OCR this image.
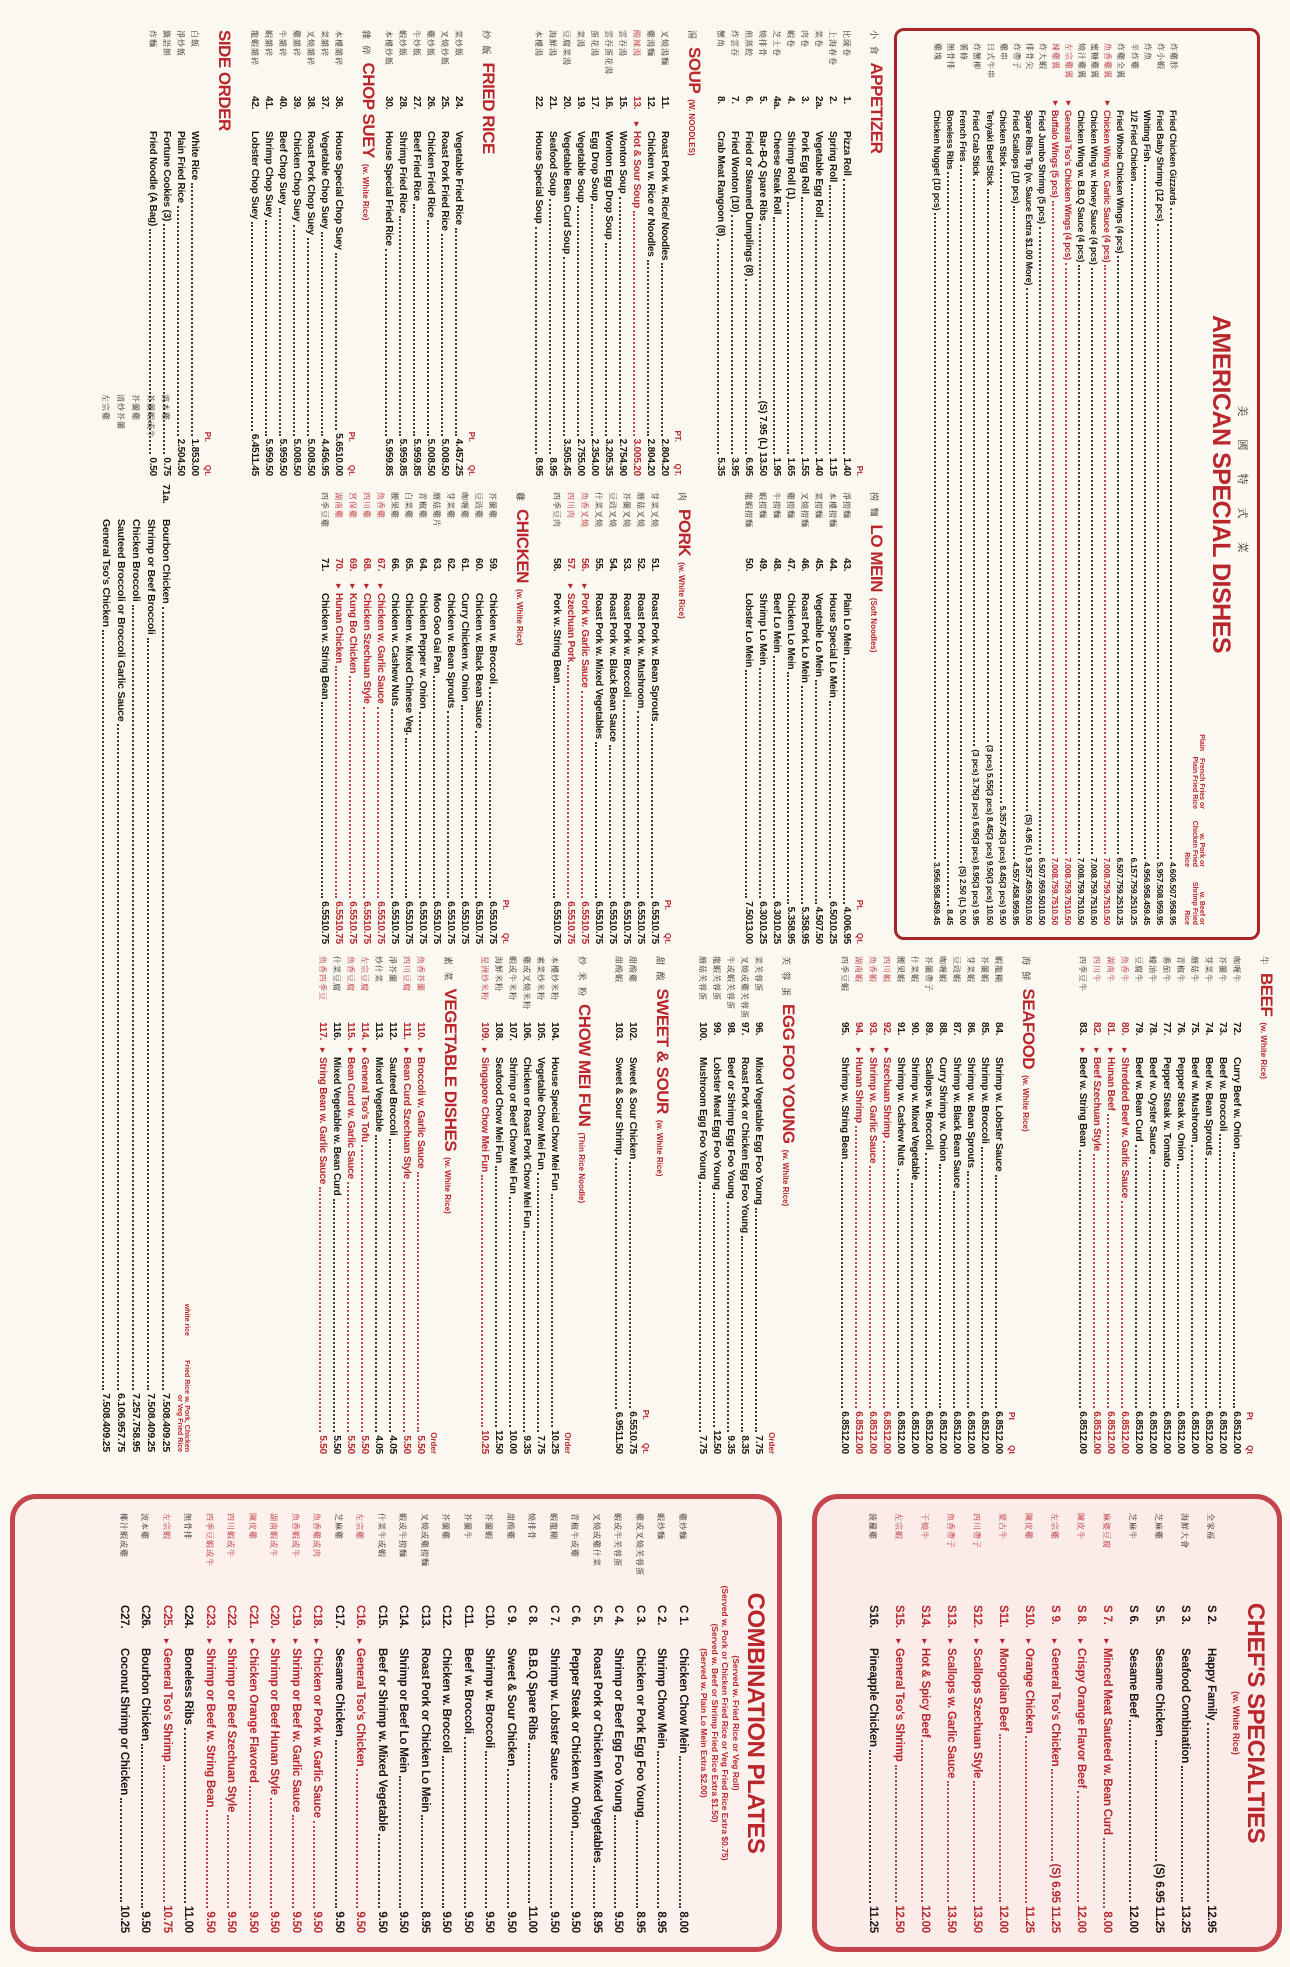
美 國 特 式 菜
AMERICAN SPECIAL DISHES
Plain
French Fries or Plain Fried Rice
w. Pork or Chicken Fried Rice
w. Beef or Shrimp Fried Rice
炸雞胗
Fried Chicken Gizzards
4.606.507.958.95
炸小蝦
Fried Baby Shrimp (12 pcs)
5.957.508.959.95
炸魚
Whiting Fish
4.956.958.459.45
半炸雞
1/2 Fried Chicken
6.157.759.2510.25
炸雞全翼
Fried Whole Chicken Wings (4 pcs)
6.507.759.2510.25
魚香雞翼
▸
Chicken Wing w. Garlic Sauce (4 pcs)
7.008.759.7510.50
蜜糖雞翼
Chicken Wing w. Honey Sauce (4 pcs)
7.008.759.7510.50
燒汁雞翼
Chicken Wing w. B.B.Q Sauce (4 pcs)
7.008.759.7510.50
左宗雞翼
▸
General Tso's Chicken Wings (4 pcs)
7.008.759.7510.50
辣雞翼
▸
Buffalo Wings (5 pcs)
7.008.759.7510.50
炸大蝦
Fried Jumbo Shrimp (5 pcs)
6.507.959.5010.50
排骨尖
Spare Ribs Tip (w. Sauce Extra $1.00 More)
(S) 4.95 (L) 9.357.459.5010.50
炸帶子
Fried Scallops (10 pcs)
4.557.458.959.95
雞串
Chicken Stick
5.357.45(3 pcs) 8.45(3 pcs) 9.50
日式牛串
Teriyaki Beef Stick
(3 pcs) 5.55(3 pcs) 8.45(3 pcs) 9.50(3 pcs) 10.50
炸蟹柳
Fried Crab Stick
(3 pcs) 3.75(3 pcs) 6.95(3 pcs) 8.95(3 pcs) 9.95
薯條
French Fries
(S) 2.50 (L) 5.00
無骨排
Boneless Ribs
8.45
雞塊
Chicken Nugget (10 pcs)
3.956.958.459.45
小 食
APPETIZER
Pt.
比薩卷
1.
Pizza Roll
1.40
上海春卷
2.
Spring Roll
1.15
菜卷
2a.
Vegetable Egg Roll
1.40
肉卷
3.
Pork Egg Roll
1.55
蝦卷
4.
Shrimp Roll (1)
1.65
芝士卷
4a.
Cheese Steak Roll
1.95
燒排骨
5.
Bar-B-Q Spare Ribs
(S) 7.95 (L) 13.50
煎蒸餃
6.
Fried or Steamed Dumplings (8)
6.95
炸雲吞
7.
Fried Wonton (10)
3.95
蟹角
8.
Crab Meat Rangoon (8)
5.35
湯
SOUP
(W. NOODLES)
PT.
QT.
叉燒湯麵
11.
Roast Pork w. Rice/ Noodles
2.804.20
雞湯麵
12.
Chicken w. Rice or Noodles
2.804.20
酸辣湯
13.
▸
Hot & Sour Soup
3.005.20
雲吞湯
15.
Wonton Soup
2.754.90
雲吞蛋花湯
16.
Wonton Egg Drop Soup
3.205.35
蛋花湯
17.
Egg Drop Soup
2.354.00
菜湯
19.
Vegetable Soup
2.755.00
豆腐菜湯
20.
Vegetable Bean Curd Soup
3.505.45
海鮮湯
21.
Seafood Soup
8.95
本樓湯
22.
House Special Soup
8.95
炒 飯
FRIED RICE
Pt.
Qt.
菜炒飯
24.
Vegetable Fried Rice
4.457.25
叉燒炒飯
25.
Roast Pork Fried Rice
5.008.50
雞炒飯
26.
Chicken Fried Rice
5.008.50
牛炒飯
27.
Beef Fried Rice
5.959.85
蝦炒飯
28.
Shrimp Fried Rice
5.959.85
本樓炒飯
30.
House Special Fried Rice
5.959.85
雜 碎
CHOP SUEY
(w. White Rice)
Pt.
Qt.
本樓雜碎
36.
House Special Chop Suey
5.6510.00
菜雜碎
37.
Vegetable Chop Suey
4.456.95
叉燒雜碎
38.
Roast Pork Chop Suey
5.008.50
雞雜碎
39.
Chicken Chop Suey
5.008.50
牛雜碎
40.
Beef Chop Suey
5.959.50
蝦雜碎
41.
Shrimp Chop Suey
5.959.50
龍蝦雜碎
42.
Lobster Chop Suey
6.4511.45
SIDE ORDER
Pt.
Qt.
白飯
White Rice
1.853.00
淨炒飯
Plain Fried Rice
2.504.50
籤語餅
Fortune Cookies (3)
0.75
炸麵
Fried Noodle (A Bag)
0.50
撈 麵
LO MEIN
(Soft Noodles)
Pt.
Qt.
淨撈麵
43.
Plain Lo Mein
4.006.95
本樓撈麵
44.
House Special Lo Mein
6.5010.25
菜撈麵
45.
Vegetable Lo Mein
4.507.50
叉燒撈麵
46.
Roast Pork Lo Mein
5.358.95
雞撈麵
47.
Chicken Lo Mein
5.358.95
牛撈麵
48.
Beef Lo Mein
6.3010.25
蝦撈麵
49.
Shrimp Lo Mein
6.3010.25
龍蝦撈麵
50.
Lobster Lo Mein
7.5013.00
肉
PORK
(w. White Rice)
Pt.
Qt.
芽菜叉燒
51.
Roast Pork w. Bean Sprouts
6.5510.75
蘑菇叉燒
52.
Roast Pork w. Mushroom
6.5510.75
芥蘭叉燒
53.
Roast Pork w. Broccoli
6.5510.75
豆豉叉燒
54.
Roast Pork w. Black Bean Sauce
6.5510.75
什菜叉燒
55.
Roast Pork w. Mixed Vegetables
6.5510.75
魚香叉燒
56.
▸
Pork w. Garlic Sauce
6.5510.75
四川肉
57.
▸
Szechuan Pork
6.5510.75
四季豆肉
58.
Pork w. String Bean
6.5510.75
雞
CHICKEN
(w. White Rice)
Pt.
Qt.
芥蘭雞
59.
Chicken w. Broccoli
6.5510.75
豆豉雞
60.
Chicken w. Black Bean Sauce
6.5510.75
咖喱雞
61.
Curry Chicken w. Onion
6.5510.75
芽菜雞
62.
Chicken w. Bean Sprouts
6.5510.75
蘑菇雞片
63.
Moo Goo Gai Pan
6.5510.75
青椒雞
64.
Chicken Pepper w. Onion
6.5510.75
白菜雞
65.
Chicken w. Mixed Chinese Veg.
6.5510.75
腰果雞
66.
Chicken w. Cashew Nuts
6.5510.75
魚香雞
67.
▸
Chicken w. Garlic Sauce
6.5510.75
四川雞
68.
▸
Chicken Szechuan Style
6.5510.75
宮保雞
69.
▸
Kung Bo Chicken
6.5510.75
湖南雞
70.
▸
Hunan Chicken
6.5510.75
四季豆雞
71.
Chicken w. String Bean
6.5510.75
牛
BEEF
(w. White Rice)
Pt
Qt
咖喱牛
72.
Curry Beef w. Onion
6.8512.00
芥蘭牛
73.
Beef w. Broccoli
6.8512.00
芽菜牛
74.
Beef w. Bean Sprouts
6.8512.00
蘑菇牛
75.
Beef w. Mushroom
6.8512.00
青椒牛
76.
Pepper Steak w. Onion
6.8512.00
番茄牛
77.
Pepper Steak w. Tomato
6.8512.00
蠔油牛
78.
Beef w. Oyster Sauce
6.8512.00
豆腐牛
79.
Beef w. Bean Curd
6.8512.00
魚香牛
80.
▸
Shredded Beef w. Garlic Sauce
6.8512.00
湖南牛
81.
▸
Hunan Beef
6.8512.00
四川牛
82.
▸
Beef Szechuan Style
6.8512.00
四季豆牛
83.
▸
Beef w. String Bean
6.8512.00
海 鮮
SEAFOOD
(w. White Rice)
Pt
Qt
蝦龍糊
84.
Shrimp w. Lobster Sauce
6.8512.00
芥蘭蝦
85.
Shrimp w. Broccoli
6.8512.00
芽菜蝦
86.
Shrimp w. Bean Sprouts
6.8512.00
豆豉蝦
87.
Shrimp w. Black Bean Sauce
6.8512.00
咖喱蝦
88.
Curry Shrimp w. Onion
6.8512.00
芥蘭帶子
89.
Scallops w. Broccoli
6.8512.00
什菜蝦
90.
Shrimp w. Mixed Vegetable
6.8512.00
腰果蝦
91.
Shrimp w. Cashew Nuts
6.8512.00
四川蝦
92.
▸
Szechuan Shrimp
6.8512.00
魚香蝦
93.
▸
Shrimp w. Garlic Sauce
6.8512.00
湖南蝦
94.
▸
Hunan Shrimp
6.8512.00
四季豆蝦
95.
Shrimp w. String Bean
6.8512.00
芙 蓉 蛋
EGG FOO YOUNG
(w. White Rice)
Order
菜芙蓉蛋
96.
Mixed Vegetable Egg Foo Young
7.75
叉燒或雞芙蓉蛋
97.
Roast Pork or Chicken Egg Foo Young
8.35
牛或蝦芙蓉蛋
98.
Beef or Shrimp Egg Foo Young
9.35
龍蝦芙蓉蛋
99.
Lobster Meat Egg Foo Young
12.50
蘑菇芙蓉蛋
100.
Mushroom Egg Foo Young
7.75
甜 酸
SWEET & SOUR
(w. White Rice)
Pt.
Qt.
甜酸雞
102.
Sweet & Sour Chicken
6.5510.75
甜酸蝦
103.
Sweet & Sour Shrimp
6.9511.50
炒 米 粉
CHOW MEI FUN
(Thin Rice Noodle)
Order
本樓炒米粉
104.
House Special Chow Mei Fun
10.25
素菜炒米粉
105.
Vegetable Chow Mei Fun
7.75
雞或叉燒米粉
106.
Chicken or Roast Pork Chow Mei Fun
9.35
蝦或牛米粉
107.
Shrimp or Beef Chow Mei Fun
10.00
海鮮米粉
108.
Seafood Chow Mei Fun
12.50
星洲炒米粉
109.
▸
Singapore Chow Mei Fun
10.25
素 菜
VEGETABLE DISHES
(w. White Rice)
Order
魚香芥蘭
110.
▸
Broccoli w. Garlic Sauce
5.50
四川豆腐
111.
▸
Bean Curd Szechuan Style
5.50
淨芥蘭
112.
Sauteed Broccoli
4.05
炒什菜
113.
Mixed Vegetable
4.05
左宗豆腐
114.
▸
General Tso's Tofu
5.50
魚香豆腐
115.
▸
Bean Curd w. Garlic Sauce
5.50
什菜豆腐
116.
Mixed Vegetable w. Bean Curd
5.50
魚香四季豆
117.
▸
String Bean w. Garlic Sauce
5.50
white rice
Fried Rice
w. Pork, Chicken or Veg Fried Rice
波本雞
71a.
Bourbon Chicken
7.508.409.25
芥蘭蝦或牛
Shrimp or Beef Broccoli
7.508.409.25
芥蘭雞
Chicken Broccoli
7.257.758.95
清炒芥蘭
Sauteed Broccoli or Broccoli Garlic Sauce
6.106.957.75
左宗雞
General Tso's Chicken
7.508.409.25
CHEF'S SPECIALTIES
(w. White Rice)
全家福
S 2.
Happy Family
12.95
海鮮大會
S 3.
Seafood Combination
13.25
芝麻雞
S 5.
Sesame Chicken
(S) 6.95 11.25
芝麻牛
S 6.
Sesame Beef
12.00
麻婆豆腐
S 7.
▸
Minced Meat Sauteed w. Bean Curd
8.00
陳皮牛
S 8.
▸
Crispy Orange Flavor Beef
12.00
左宗雞
S 9.
▸
General Tso's Chicken
(S) 6.95 11.25
陳皮雞
S10.
▸
Orange Chicken
11.25
蒙古牛
S11.
▸
Mongolian Beef
12.00
四川帶子
S12.
▸
Scallops Szechuan Style
13.50
魚香帶子
S13.
▸
Scallops w. Garlic Sauce
13.50
干燒牛
S14.
▸
Hot & Spicy Beef
12.00
左宗蝦
S15.
▸
General Tso's Shrimp
12.50
菠蘿雞
S16.
Pineapple Chicken
11.25
COMBINATION PLATES
(Served w. Fried Rice or Veg Roll)
(Served w. Pork or Chicken Fried Rice or Veg Fried Rice Extra $0.75)
(Served w. Beef or Shrimp Fried Rice Extra $1.50)
(Served w. Plain Lo Mein Extra $2.00)
雞炒麵
C 1.
Chicken Chow Mein
8.00
蝦炒麵
C 2.
Shrimp Chow Mein
8.95
雞或叉燒芙蓉蛋
C 3.
Chicken or Pork Egg Foo Young
8.95
蝦或牛芙蓉蛋
C 4.
Shrimp or Beef Egg Foo Young
9.50
叉燒或雞什菜
C 5.
Roast Pork or Chicken Mixed Vegetables
8.95
青椒牛或雞
C 6.
Pepper Steak or Chicken w. Onion
9.50
蝦龍糊
C 7.
Shrimp w. Lobster Sauce
9.50
燒排骨
C 8.
B.B.Q Spare Ribs
11.00
甜酸雞
C 9.
Sweet & Sour Chicken
9.50
芥蘭蝦
C10.
Shrimp w. Broccoli
9.50
芥蘭牛
C11.
Beef w. Broccoli
9.50
芥蘭雞
C12.
Chicken w. Broccoli
9.50
叉燒或雞撈麵
C13.
Roast Pork or Chicken Lo Mein
8.95
蝦或牛撈麵
C14.
Shrimp or Beef Lo Mein
9.50
什菜牛或蝦
C15.
Beef or Shrimp w. Mixed Vegetable
9.50
左宗雞
C16.
▸
General Tso's Chicken
9.50
芝麻雞
C17.
Sesame Chicken
9.50
魚香雞或肉
C18.
▸
Chicken or Pork w. Garlic Sauce
9.50
魚香蝦或牛
C19.
▸
Shrimp or Beef w. Garlic Sauce
9.50
湖南蝦或牛
C20.
▸
Shrimp or Beef Hunan Style
9.50
陳皮雞
C21.
▸
Chicken Orange Flavored
9.50
四川蝦或牛
C22.
▸
Shrimp or Beef Szechuan Style
9.50
四季豆蝦或牛
C23.
▸
Shrimp or Beef w. String Bean
9.50
無骨排
C24.
Boneless Ribs
11.00
左宗蝦
C25.
▸
General Tso's Shrimp
10.75
波本雞
C26.
Bourbon Chicken
9.50
椰汁蝦或雞
C27.
Coconut Shrimp or Chicken
10.25
